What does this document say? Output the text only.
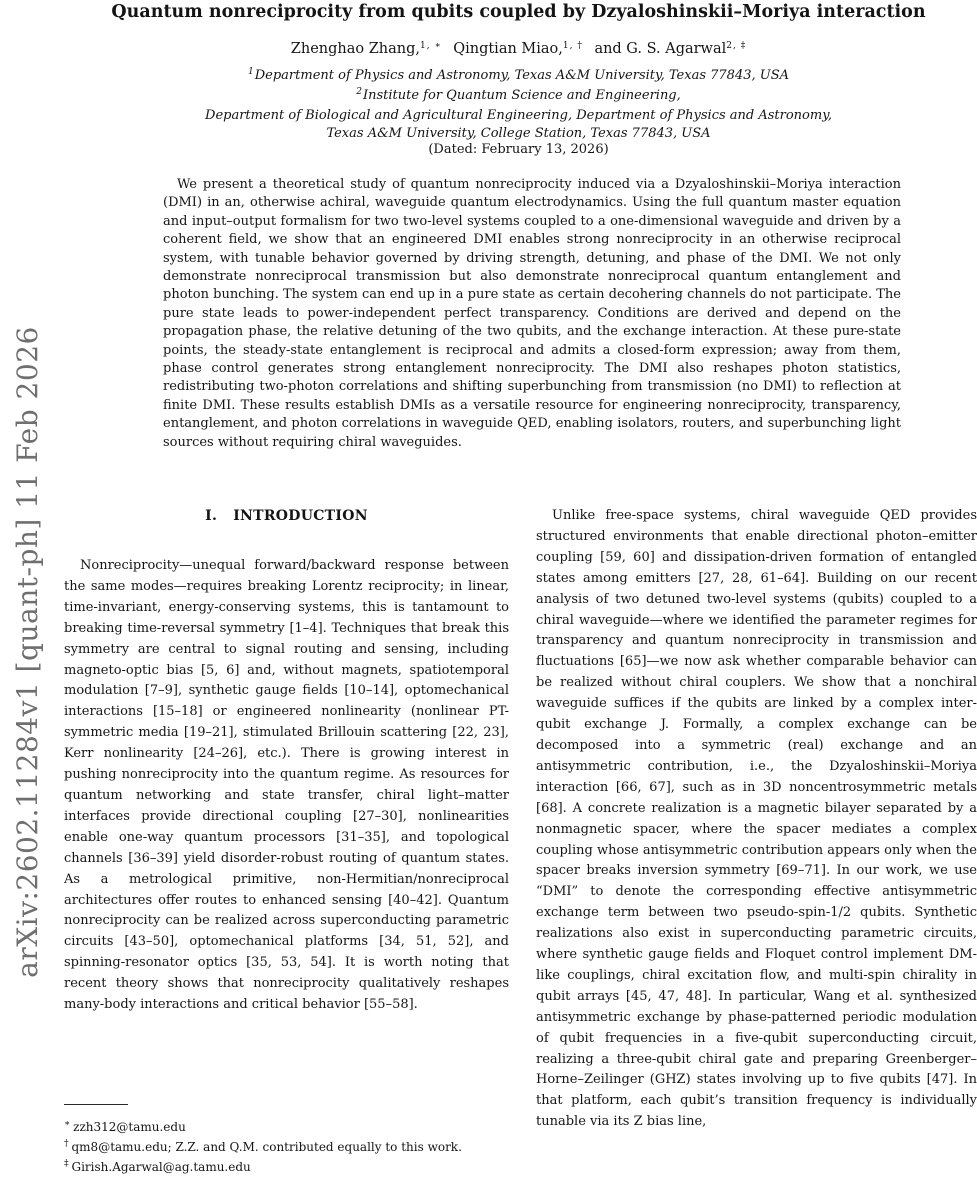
arXiv:2602.11284v1 [quant-ph] 11 Feb 2026
Quantum nonreciprocity from qubits coupled by Dzyaloshinskii–Moriya interaction
Zhenghao Zhang,$^{1, ∗}$ Qingtian Miao,$^{1, \dagger}$ and G. S. Agarwal$^{2, \ddagger}$
$^1$Department of Physics and Astronomy, Texas A&M University, Texas 77843, USA
$^2$Institute for Quantum Science and Engineering,
Department of Biological and Agricultural Engineering, Department of Physics and Astronomy,
Texas A&M University, College Station, Texas 77843, USA
(Dated: February 13, 2026)
We present a theoretical study of quantum nonreciprocity induced via a Dzyaloshinskii–Moriya interaction (DMI) in an, otherwise achiral, waveguide quantum electrodynamics. Using the full quantum master equation and input–output formalism for two two-level systems coupled to a one-dimensional waveguide and driven by a coherent field, we show that an engineered DMI enables strong nonreciprocity in an otherwise reciprocal system, with tunable behavior governed by driving strength, detuning, and phase of the DMI. We not only demonstrate nonreciprocal transmission but also demonstrate nonreciprocal quantum entanglement and photon bunching. The system can end up in a pure state as certain decohering channels do not participate. The pure state leads to power-independent perfect transparency. Conditions are derived and depend on the propagation phase, the relative detuning of the two qubits, and the exchange interaction. At these pure-state points, the steady-state entanglement is reciprocal and admits a closed-form expression; away from them, phase control generates strong entanglement nonreciprocity. The DMI also reshapes photon statistics, redistributing two-photon correlations and shifting superbunching from transmission (no DMI) to reflection at finite DMI. These results establish DMIs as a versatile resource for engineering nonreciprocity, transparency, entanglement, and photon correlations in waveguide QED, enabling isolators, routers, and superbunching light sources without requiring chiral waveguides.
I. INTRODUCTION

Nonreciprocity—unequal forward/backward response between the same modes—requires breaking Lorentz reciprocity; in linear, time-invariant, energy-conserving systems, this is tantamount to breaking time-reversal symmetry [1–4]. Techniques that break this symmetry are central to signal routing and sensing, including magneto-optic bias [5, 6] and, without magnets, spatiotemporal modulation [7–9], synthetic gauge fields [10–14], optomechanical interactions [15–18] or engineered nonlinearity (nonlinear PT-symmetric media [19–21], stimulated Brillouin scattering [22, 23], Kerr nonlinearity [24–26], etc.). There is growing interest in pushing nonreciprocity into the quantum regime. As resources for quantum networking and state transfer, chiral light–matter interfaces provide directional coupling [27–30], nonlinearities enable one-way quantum processors [31–35], and topological channels [36–39] yield disorder-robust routing of quantum states. As a metrological primitive, non-Hermitian/nonreciprocal architectures offer routes to enhanced sensing [40–42]. Quantum nonreciprocity can be realized across superconducting parametric circuits [43–50], optomechanical platforms [34, 51, 52], and spinning-resonator optics [35, 53, 54]. It is worth noting that recent theory shows that nonreciprocity qualitatively reshapes many-body interactions and critical behavior [55–58].

Unlike free-space systems, chiral waveguide QED provides structured environments that enable directional photon–emitter coupling [59, 60] and dissipation-driven formation of entangled states among emitters [27, 28, 61–64]. Building on our recent analysis of two detuned two-level systems (qubits) coupled to a chiral waveguide—where we identified the parameter regimes for transparency and quantum nonreciprocity in transmission and fluctuations [65]—we now ask whether comparable behavior can be realized without chiral couplers. We show that a nonchiral waveguide suffices if the qubits are linked by a complex inter-qubit exchange J. Formally, a complex exchange can be decomposed into a symmetric (real) exchange and an antisymmetric contribution, i.e., the Dzyaloshinskii–Moriya interaction [66, 67], such as in 3D noncentrosymmetric metals [68]. A concrete realization is a magnetic bilayer separated by a nonmagnetic spacer, where the spacer mediates a complex coupling whose antisymmetric contribution appears only when the spacer breaks inversion symmetry [69–71]. In our work, we use “DMI” to denote the corresponding effective antisymmetric exchange term between two pseudo-spin-1/2 qubits. Synthetic realizations also exist in superconducting parametric circuits, where synthetic gauge fields and Floquet control implement DM-like couplings, chiral excitation flow, and multi-spin chirality in qubit arrays [45, 47, 48]. In particular, Wang et al. synthesized antisymmetric exchange by phase-patterned periodic modulation of qubit frequencies in a five-qubit superconducting circuit, realizing a three-qubit chiral gate and preparing Greenberger–Horne–Zeilinger (GHZ) states involving up to five qubits [47]. In that platform, each qubit’s transition frequency is individually tunable via its Z bias line,

∗ zzh312@tamu.edu
† qm8@tamu.edu; Z.Z. and Q.M. contributed equally to this work.
‡ Girish.Agarwal@ag.tamu.edu
